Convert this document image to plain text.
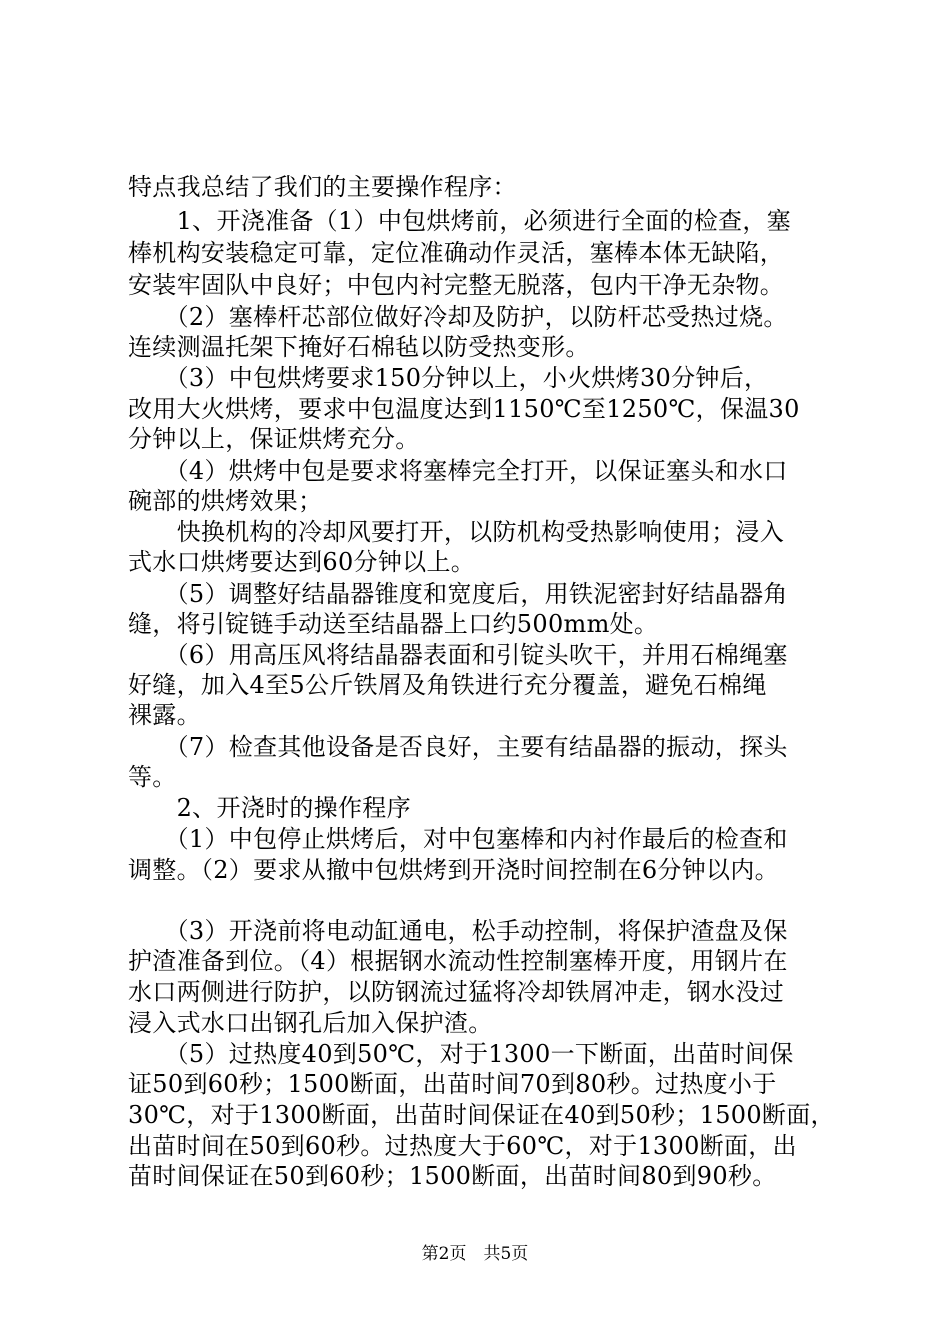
特点我总结了我们的主要操作程序：
　　1、开浇准备（1）中包烘烤前，必须进行全面的检查，塞
棒机构安装稳定可靠，定位准确动作灵活，塞棒本体无缺陷，
安装牢固队中良好；中包内衬完整无脱落，包内干净无杂物。
　　（2）塞棒杆芯部位做好冷却及防护，以防杆芯受热过烧。
连续测温托架下掩好石棉毡以防受热变形。
　　（3）中包烘烤要求150分钟以上，小火烘烤30分钟后，
改用大火烘烤，要求中包温度达到1150℃至1250℃，保温30
分钟以上，保证烘烤充分。
　　（4）烘烤中包是要求将塞棒完全打开，以保证塞头和水口
碗部的烘烤效果；
　　快换机构的冷却风要打开，以防机构受热影响使用；浸入
式水口烘烤要达到60分钟以上。
　　（5）调整好结晶器锥度和宽度后，用铁泥密封好结晶器角
缝，将引锭链手动送至结晶器上口约500mm处。
　　（6）用高压风将结晶器表面和引锭头吹干，并用石棉绳塞
好缝，加入4至5公斤铁屑及角铁进行充分覆盖，避免石棉绳
裸露。
　　（7）检查其他设备是否良好，主要有结晶器的振动，探头
等。
　　2、开浇时的操作程序
　　（1）中包停止烘烤后，对中包塞棒和内衬作最后的检查和
调整。（2）要求从撤中包烘烤到开浇时间控制在6分钟以内。
　　（3）开浇前将电动缸通电，松手动控制，将保护渣盘及保
护渣准备到位。（4）根据钢水流动性控制塞棒开度，用钢片在
水口两侧进行防护，以防钢流过猛将冷却铁屑冲走，钢水没过
浸入式水口出钢孔后加入保护渣。
　　（5）过热度40到50℃，对于1300一下断面，出苗时间保
证50到60秒；1500断面，出苗时间70到80秒。过热度小于
30℃，对于1300断面，出苗时间保证在40到50秒；1500断面，
出苗时间在50到60秒。过热度大于60℃，对于1300断面，出
苗时间保证在50到60秒；1500断面，出苗时间80到90秒。
第2页　共5页
